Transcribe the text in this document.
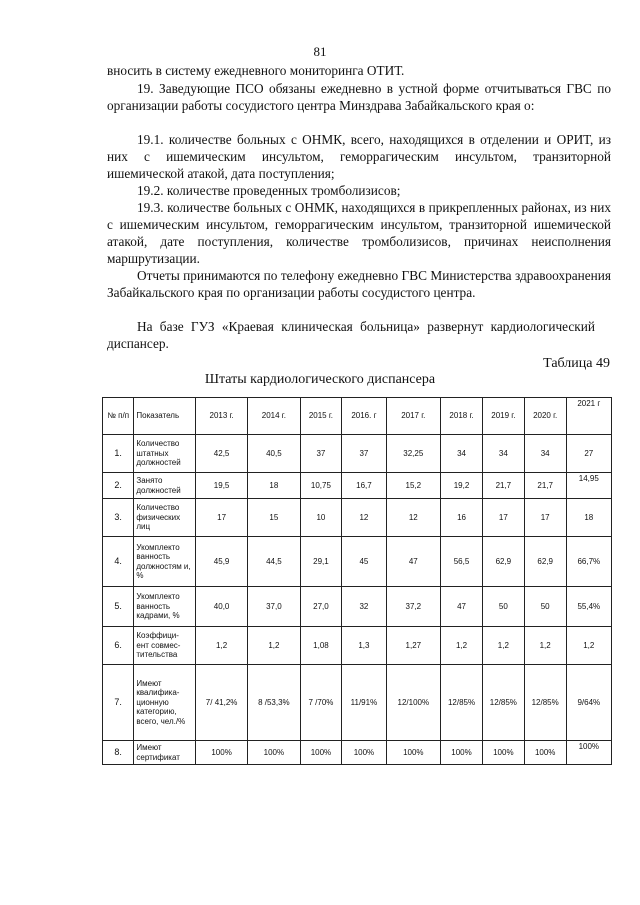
81

вносить в систему ежедневного мониторинга ОТИТ.

19. Заведующие ПСО обязаны ежедневно в устной форме отчитываться ГВС по организации работы сосудистого центра Минздрава Забайкальского края о:

19.1. количестве больных с ОНМК, всего, находящихся в отделении и ОРИТ, из них с ишемическим инсультом, геморрагическим инсультом, транзиторной ишемической атакой, дата поступления;

19.2. количестве проведенных тромболизисов;

19.3. количестве больных с ОНМК, находящихся в прикрепленных районах, из них с ишемическим инсультом, геморрагическим инсультом, транзиторной ишемической атакой, дате поступления, количестве тромболизисов, причинах неисполнения маршрутизации.

Отчеты принимаются по телефону ежедневно ГВС Министерства здравоохранения Забайкальского края по организации работы сосудистого центра.

На базе ГУЗ «Краевая клиническая больница» развернут кардиологический диспансер.

Таблица 49
Штаты кардиологического диспансера
№ п/п	Показатель	2013 г.	2014 г.	2015 г.	2016. г	2017 г.	2018 г.	2019 г.	2020 г.	2021 г
1.	Количество штатных должностей	42,5	40,5	37	37	32,25	34	34	34	27
2.	Занято должностей	19,5	18	10,75	16,7	15,2	19,2	21,7	21,7	14,95
3.	Количество физических лиц	17	15	10	12	12	16	17	17	18
4.	Укомплекто ванность должностям и, %	45,9	44,5	29,1	45	47	56,5	62,9	62,9	66,7%
5.	Укомплекто ванность кадрами, %	40,0	37,0	27,0	32	37,2	47	50	50	55,4%
6.	Коэффици- ент совмес- тительства	1,2	1,2	1,08	1,3	1,27	1,2	1,2	1,2	1,2
7.	Имеют квалифика- ционную категорию, всего, чел./%	7/ 41,2%	8 /53,3%	7 /70%	11/91%	12/100%	12/85%	12/85%	12/85%	9/64%
8.	Имеют сертификат	100%	100%	100%	100%	100%	100%	100%	100%	100%
